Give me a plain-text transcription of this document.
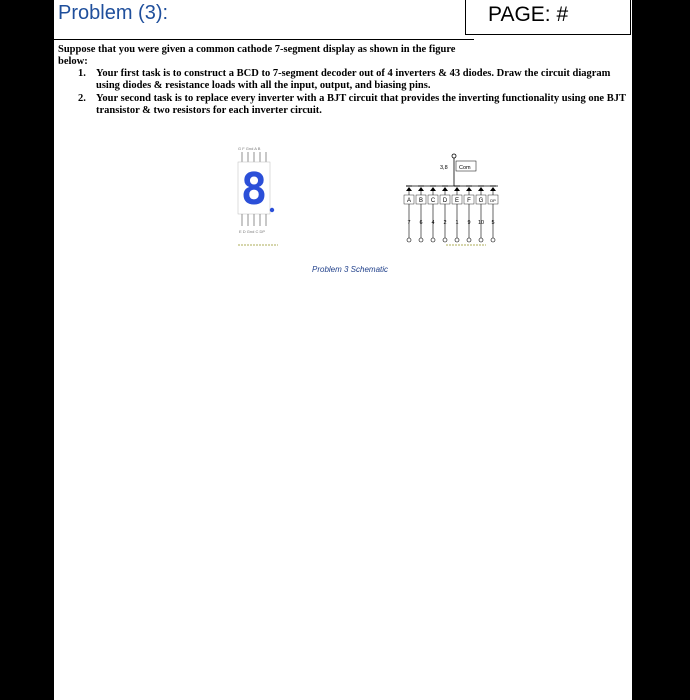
Problem (3):	PAGE: #
Suppose that you were given a common cathode 7-segment display as shown in the figure below:
1. Your first task is to construct a BCD to 7-segment decoder out of 4 inverters & 43 diodes. Draw the circuit diagram using diodes & resistance loads with all the input, output, and biasing pins.
2. Your second task is to replace every inverter with a BJT circuit that provides the inverting functionality using one BJT transistor & two resistors for each inverter circuit.
G F Gnd A B
8
E D Gnd C DP
3,8 Com
A B C D E F G DP
7 6 4 2 1 9 10 5
Problem 3 Schematic
